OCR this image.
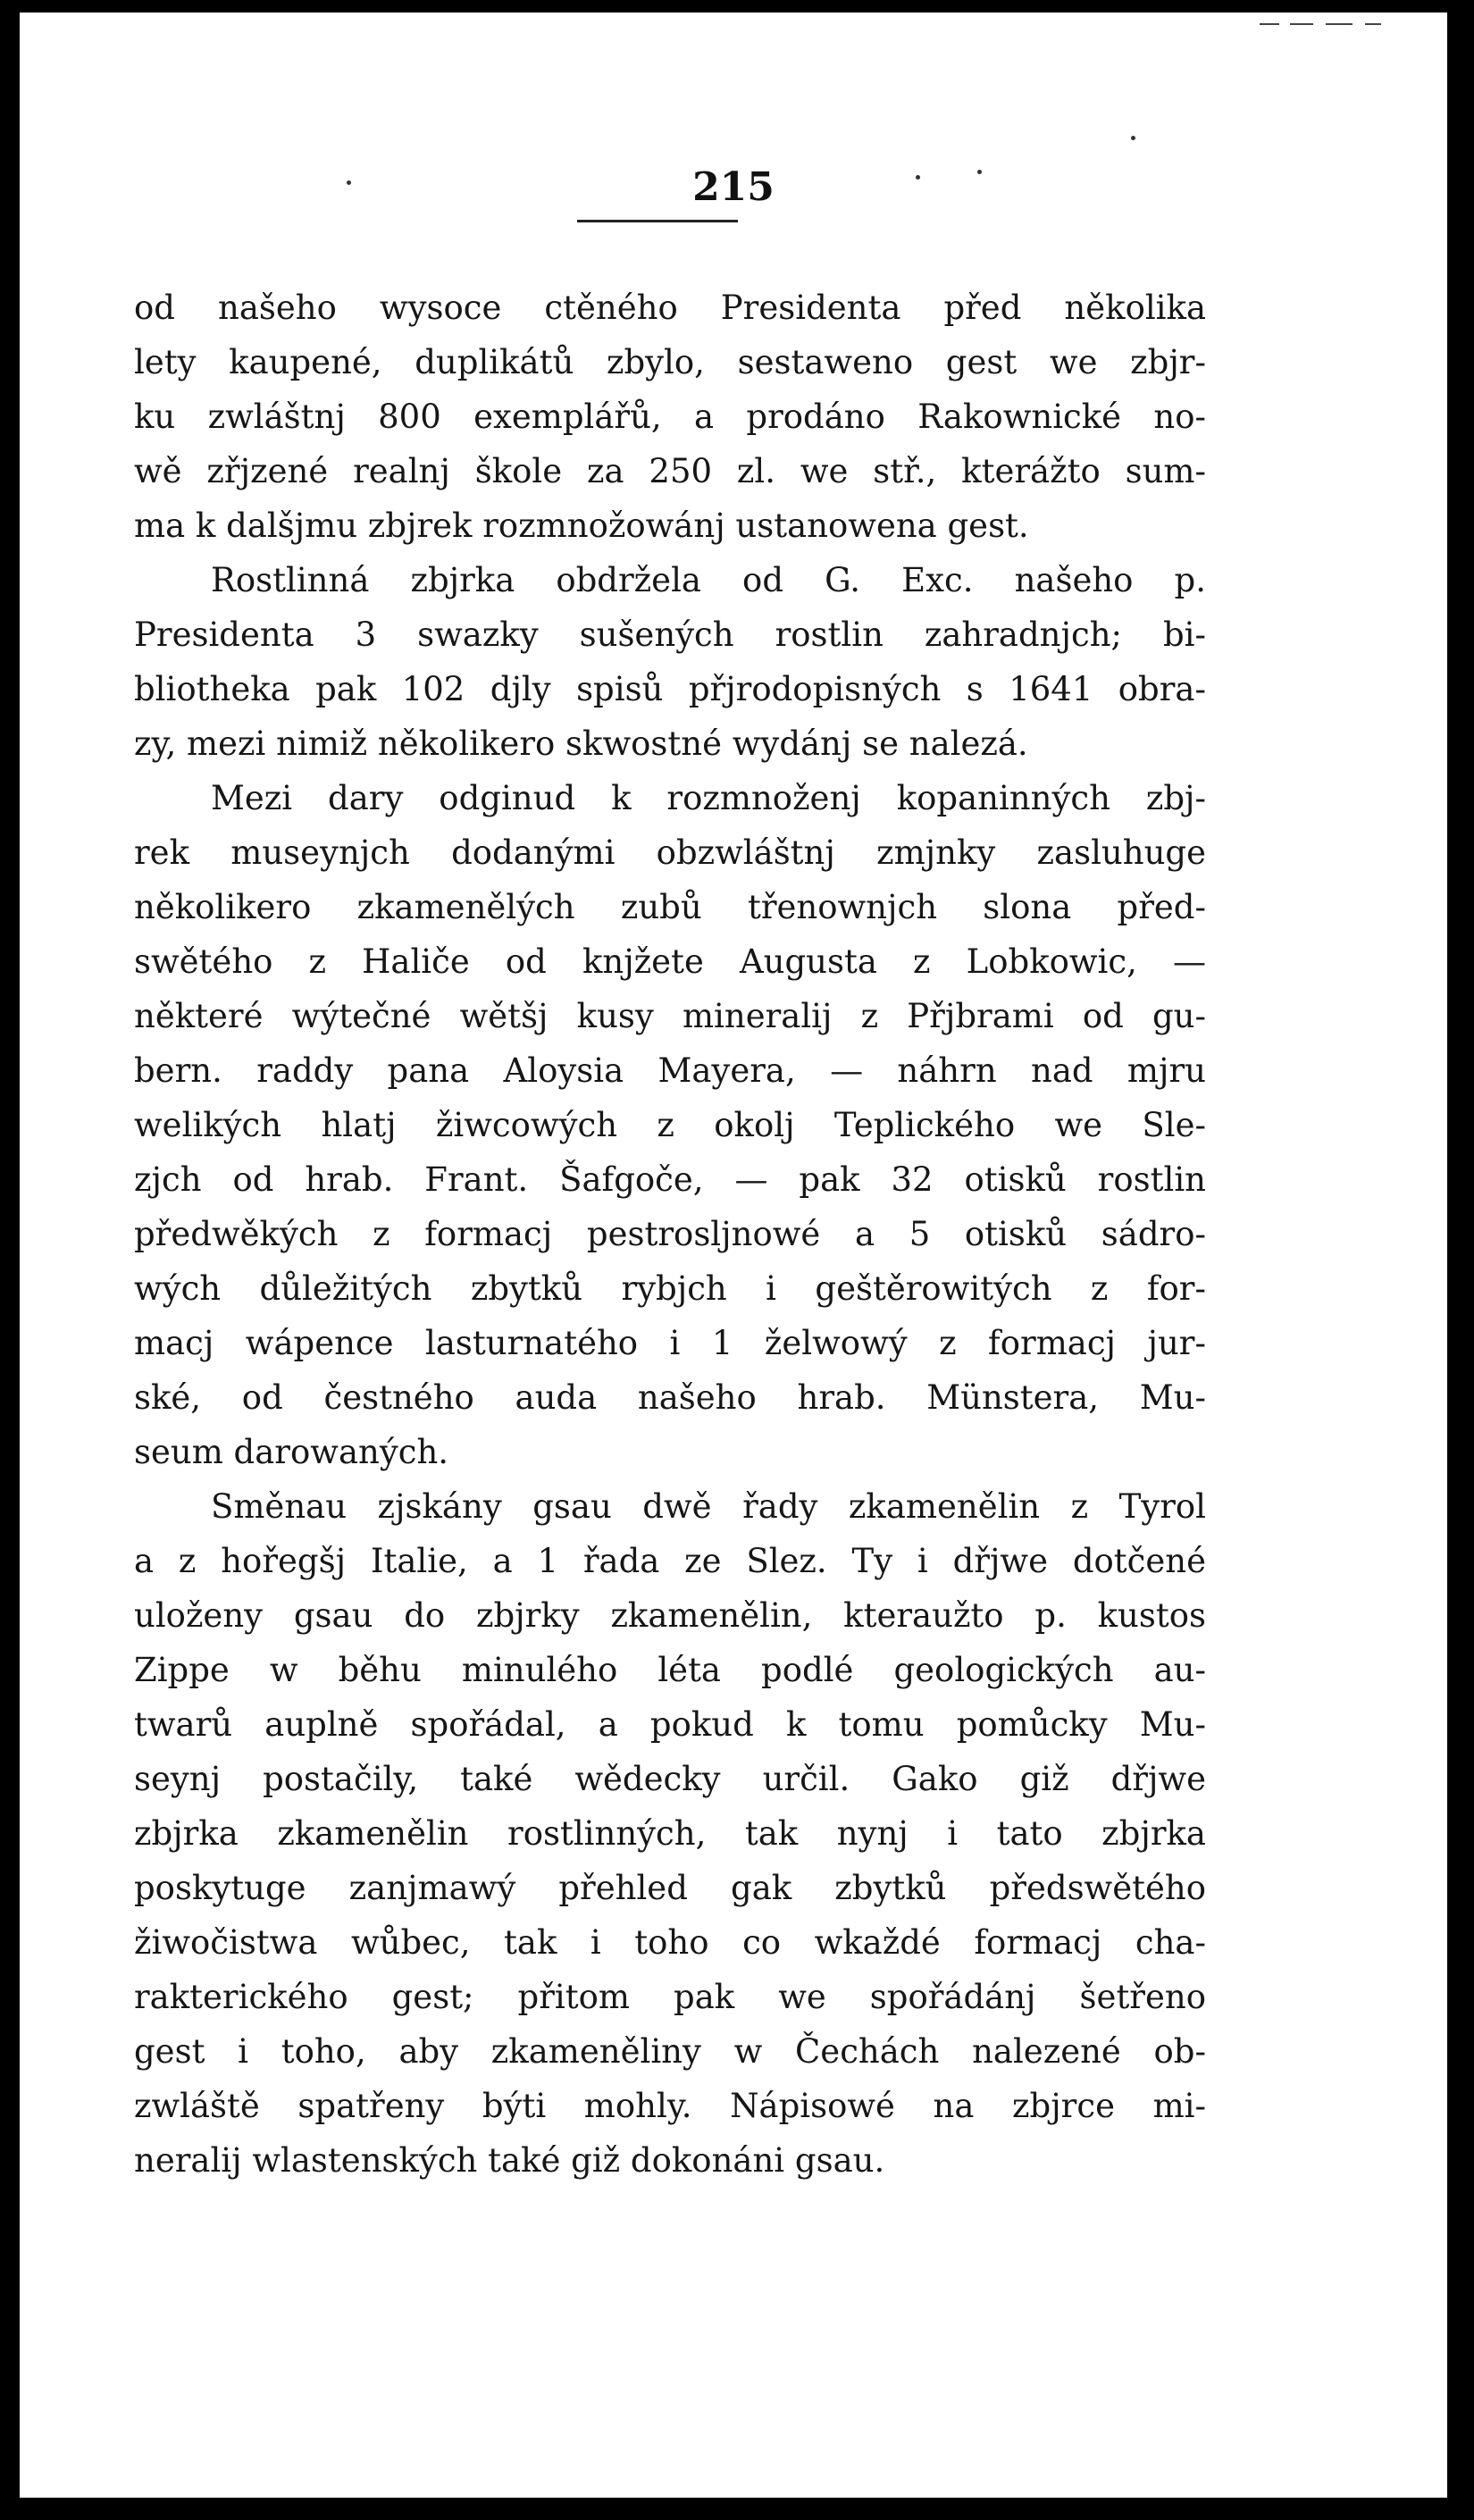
215
od našeho wysoce ctěného Presidenta před několika
lety kaupené, duplikátů zbylo, sestaweno gest we zbjr-
ku zwláštnj 800 exemplářů, a prodáno Rakownické no-
wě zřjzené realnj škole za 250 zl. we stř., kterážto sum-
ma k dalšjmu zbjrek rozmnožowánj ustanowena gest.
Rostlinná zbjrka obdržela od G. Exc. našeho p.
Presidenta 3 swazky sušených rostlin zahradnjch; bi-
bliotheka pak 102 djly spisů přjrodopisných s 1641 obra-
zy, mezi nimiž několikero skwostné wydánj se nalezá.
Mezi dary odginud k rozmnoženj kopaninných zbj-
rek museynjch dodanými obzwláštnj zmjnky zasluhuge
několikero zkamenělých zubů třenownjch slona před-
swětého z Haliče od knjžete Augusta z Lobkowic, —
některé wýtečné wětšj kusy mineralij z Přjbrami od gu-
bern. raddy pana Aloysia Mayera, — náhrn nad mjru
welikých hlatj žiwcowých z okolj Teplického we Sle-
zjch od hrab. Frant. Šafgoče, — pak 32 otisků rostlin
předwěkých z formacj pestroslјnowé a 5 otisků sádro-
wých důležitých zbytků rybjch i geštěrowitých z for-
macj wápence lasturnatého i 1 želwowý z formacj jur-
ské, od čestného auda našeho hrab. Münstera, Mu-
seum darowaných.
Směnau zjskány gsau dwě řady zkamenělin z Tyrol
a z hořegšj Italie, a 1 řada ze Slez. Ty i dřjwe dotčené
uloženy gsau do zbjrky zkamenělin, kteraužto p. kustos
Zippe w běhu minulého léta podlé geologických au-
twarů auplně spořádal, a pokud k tomu pomůcky Mu-
seynj postačily, také wědecky určil. Gako giž dřjwe
zbjrka zkamenělin rostlinných, tak nynj i tato zbjrka
poskytuge zanjmawý přehled gak zbytků předswětého
žiwočistwa wůbec, tak i toho co wkaždé formacj cha-
rakterického gest; přitom pak we spořádánj šetřeno
gest i toho, aby zkameněliny w Čechách nalezené ob-
zwláště spatřeny býti mohly. Nápisowé na zbjrce mi-
neralij wlastenských také giž dokonáni gsau.
